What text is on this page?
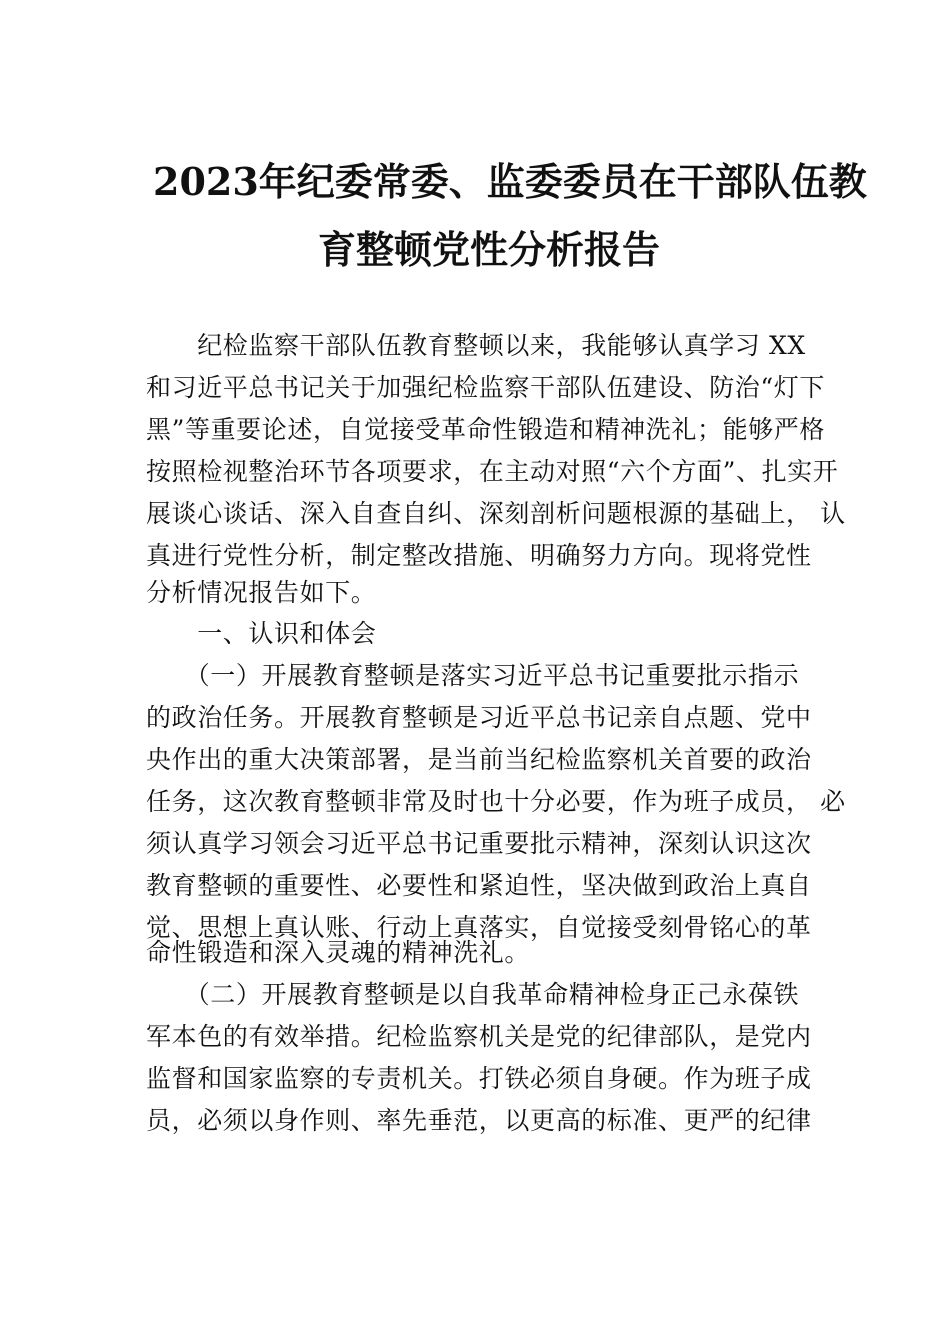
2023年纪委常委、监委委员在干部队伍教
育整顿党性分析报告
　　纪检监察干部队伍教育整顿以来，我能够认真学习 XX
和习近平总书记关于加强纪检监察干部队伍建设、防治“灯下
黑”等重要论述，自觉接受革命性锻造和精神洗礼；能够严格
按照检视整治环节各项要求，在主动对照“六个方面”、扎实开
展谈心谈话、深入自查自纠、深刻剖析问题根源的基础上， 认
真进行党性分析，制定整改措施、明确努力方向。现将党性
分析情况报告如下。
　　一、认识和体会
　　（一）开展教育整顿是落实习近平总书记重要批示指示
的政治任务。开展教育整顿是习近平总书记亲自点题、党中
央作出的重大决策部署，是当前当纪检监察机关首要的政治
任务，这次教育整顿非常及时也十分必要，作为班子成员， 必
须认真学习领会习近平总书记重要批示精神，深刻认识这次
教育整顿的重要性、必要性和紧迫性，坚决做到政治上真自
觉、思想上真认账、行动上真落实，自觉接受刻骨铭心的革
命性锻造和深入灵魂的精神洗礼。
　　（二）开展教育整顿是以自我革命精神检身正己永葆铁
军本色的有效举措。纪检监察机关是党的纪律部队，是党内
监督和国家监察的专责机关。打铁必须自身硬。作为班子成
员，必须以身作则、率先垂范，以更高的标准、更严的纪律
